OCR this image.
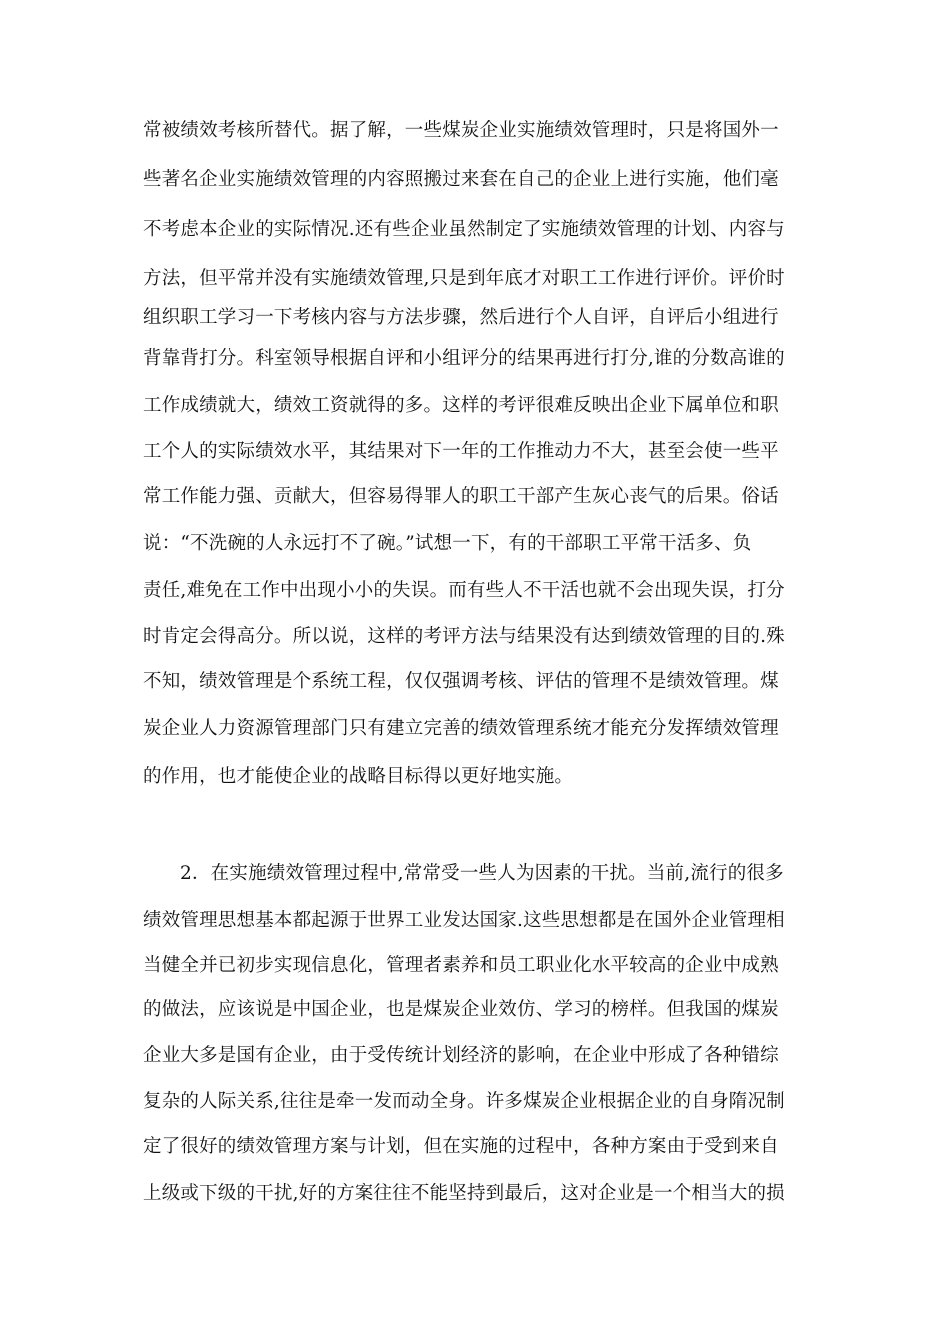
常被绩效考核所替代。据了解，一些煤炭企业实施绩效管理时，只是将国外一
些著名企业实施绩效管理的内容照搬过来套在自己的企业上进行实施，他们毫
不考虑本企业的实际情况.还有些企业虽然制定了实施绩效管理的计划、内容与
方法，但平常并没有实施绩效管理,只是到年底才对职工工作进行评价。评价时
组织职工学习一下考核内容与方法步骤，然后进行个人自评，自评后小组进行
背靠背打分。科室领导根据自评和小组评分的结果再进行打分,谁的分数高谁的
工作成绩就大，绩效工资就得的多。这样的考评很难反映出企业下属单位和职
工个人的实际绩效水平，其结果对下一年的工作推动力不大，甚至会使一些平
常工作能力强、贡献大，但容易得罪人的职工干部产生灰心丧气的后果。俗话
说：“不洗碗的人永远打不了碗。”试想一下，有的干部职工平常干活多、负
责任,难免在工作中出现小小的失误。而有些人不干活也就不会出现失误，打分
时肯定会得高分。所以说，这样的考评方法与结果没有达到绩效管理的目的.殊
不知，绩效管理是个系统工程，仅仅强调考核、评估的管理不是绩效管理。煤
炭企业人力资源管理部门只有建立完善的绩效管理系统才能充分发挥绩效管理
的作用，也才能使企业的战略目标得以更好地实施。
2．在实施绩效管理过程中,常常受一些人为因素的干扰。当前,流行的很多
绩效管理思想基本都起源于世界工业发达国家.这些思想都是在国外企业管理相
当健全并已初步实现信息化，管理者素养和员工职业化水平较高的企业中成熟
的做法，应该说是中国企业，也是煤炭企业效仿、学习的榜样。但我国的煤炭
企业大多是国有企业，由于受传统计划经济的影响，在企业中形成了各种错综
复杂的人际关系,往往是牵一发而动全身。许多煤炭企业根据企业的自身隋况制
定了很好的绩效管理方案与计划，但在实施的过程中，各种方案由于受到来自
上级或下级的干扰,好的方案往往不能坚持到最后，这对企业是一个相当大的损
